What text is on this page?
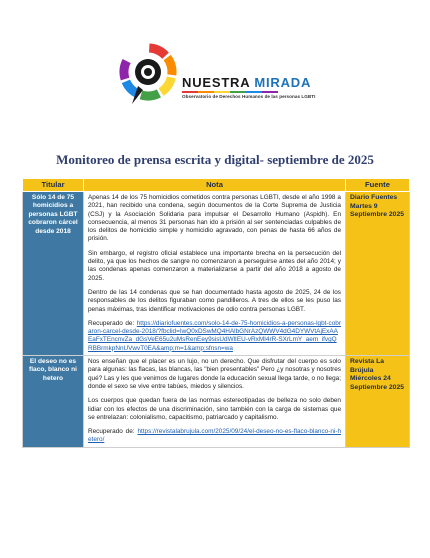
NUESTRA MIRADA
Observatorio de Derechos Humanos de las personas LGBTI
Monitoreo de prensa escrita y digital- septiembre de 2025
Titular	Nota	Fuente
Sólo 14 de 75 homicidios a personas LGBT cobraron cárcel desde 2018	Apenas 14 de los 75 homicidios cometidos contra personas LGBTI, desde el año 1998 a 2021, han recibido una condena, según documentos de la Corte Suprema de Justicia (CSJ) y la Asociación Solidaria para impulsar el Desarrollo Humano (Aspidh). En consecuencia, al menos 31 personas han ido a prisión al ser sentenciadas culpables de los delitos de homicidio simple y homicidio agravado, con penas de hasta 66 años de prisión.

Sin embargo, el registro oficial establece una importante brecha en la persecución del delito, ya que los hechos de sangre no comenzaron a perseguirse antes del año 2014; y las condenas apenas comenzaron a materializarse a partir del año 2018 a agosto de 2025.

Dentro de las 14 condenas que se han documentado hasta agosto de 2025, 24 de los responsables de los delitos figuraban como pandilleros. A tres de ellos se les puso las penas máximas, tras identificar motivaciones de odio contra personas LGBT.

Recuperado de: https://diariofuentes.com/solo-14-de-75-homicidios-a-personas-lgbt-cobraron-carcel-desde-2018/?fbclid=IwQ0xDSwMQ4HAlbGNrAzQWWV4dG4DYWVtAjExAAEaFxTEncnvZa_dGsVeE65u2uMsRenEey9sisUdWlIEU-vRxMI4rR-SXrLmY_aem_ifvgQRBBrmkpNnUVwvT0EA&amp;m=1&amp;sfnsn=wa	Diario Fuentes Martes 9 Septiembre 2025
El deseo no es flaco, blanco ni hetero	Nos enseñan que el placer es un lujo, no un derecho. Que disfrutar del cuerpo es solo para algunas: las flacas, las blancas, las "bien presentables" Pero ¿y nosotras y nosotres qué? Las y les que venimos de lugares donde la educación sexual llega tarde, o no llega; donde el sexo se vive entre tabúes, miedos y silencios.

Los cuerpos que quedan fuera de las normas estereotipadas de belleza no solo deben lidiar con los efectos de una discriminación, sino también con la carga de sistemas que se entrelazan: colonialismo, capacitismo, patriarcado y capitalismo.

Recuperado de: https://revistalabrujula.com/2025/09/24/el-deseo-no-es-flaco-blanco-ni-hetero/	Revista La Brújula Miércoles 24 Septiembre 2025
